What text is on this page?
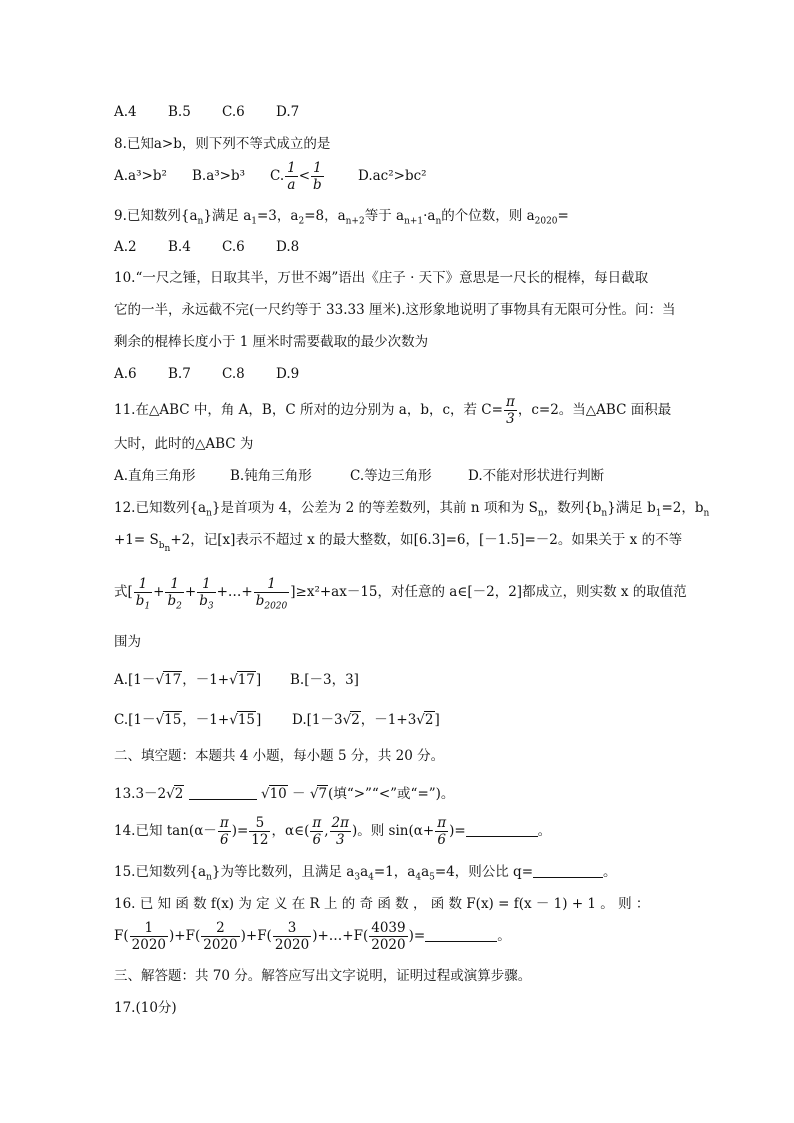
A.4 B.5 C.6 D.7
8.已知a>b，则下列不等式成立的是
A.a³>b² B.a³>b³ C. $\frac{1}{a} < \frac{1}{b}$	D.ac²>bc²
9.已知数列$\{a_n\}$满足 $a_1=3$，$a_2=8$，$a_{n+2}$等于 $a_{n+1}\cdot a_n$的个位数，则 $a_{2020}=$
A.2 B.4 C.6 D.8
10.“一尺之锤，日取其半，万世不竭”语出《庄子 · 天下》意思是一尺长的棍棒，每日截取
它的一半，永远截不完(一尺约等于 33.33 厘米).这形象地说明了事物具有无限可分性。问：当
剩余的棍棒长度小于 1 厘米时需要截取的最少次数为
A.6 B.7 C.8 D.9
11.在△ABC 中，角 A，B，C 所对的边分别为 a，b，c，若 $C= \frac{\pi}{3}$ ，c=2。当△ABC 面积最
大时，此时的△ABC 为
A.直角三角形	B.钝角三角形	C.等边三角形	D.不能对形状进行判断
12.已知数列$\{a_n\}$是首项为 4，公差为 2 的等差数列，其前 n 项和为 $S_n$，数列$\{b_n\}$满足 $b_1=2$，$b_n$
$+1= S_{b_n}+2$，记[x]表示不超过 x 的最大整数，如[6.3]=6，[－1.5]=－2。如果关于 x 的不等
式[ $\frac{1}{b_1} + \frac{1}{b_2} + \frac{1}{b_3}$ +…+ $\frac{1}{b_{2020}} ]\ge x^2+ax-15$，对任意的 a∈[－2，2]都成立，则实数 x 的取值范
围为
A.[1－√17，－1+√17] B.[－3，3]
C.[1－√15，－1+√15] D.[1－3√2，－1+3√2]
二、填空题：本题共 4 小题，每小题 5 分，共 20 分。
13.3－2√2	√10 － √7(填“>”“<”或“=”)。
14.已知 $\tan(\alpha- \frac{\pi}{6}$ )= $\frac{5}{12}$ ，α∈( $\frac{\pi}{6}$ , $\frac{2\pi}{3}$ )。则 $\sin(\alpha+ \frac{\pi}{6}$ )=	。
15.已知数列$\{a_n\}$为等比数列，且满足 $a_3a_4=1$，$a_4a_5=4$，则公比 q=	。
16. 已 知 函 数 f(x) 为 定 义 在 R 上 的 奇 函 数 ， 函 数 F(x) = f(x － 1) + 1 。 则 ：
$F( \frac{1}{2020} )+F( \frac{2}{2020} )+F( \frac{3}{2020}$ )+…+F( $\frac{4039}{2020}$ )=	。
三、解答题：共 70 分。解答应写出文字说明，证明过程或演算步骤。
17.(10分)
